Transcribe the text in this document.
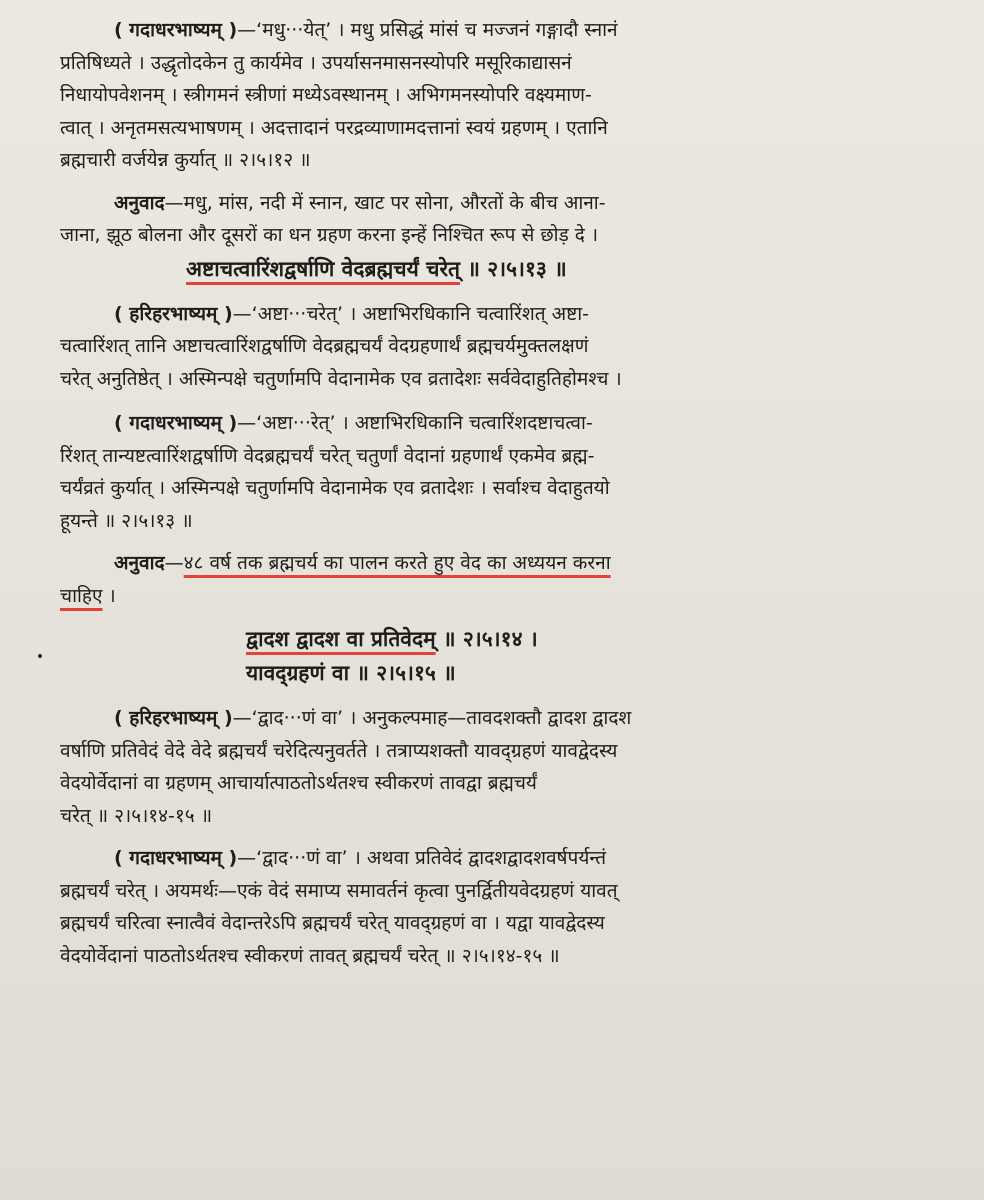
( गदाधरभाष्यम् )—‘मधु···येत्’ । मधु प्रसिद्धं मांसं च मज्जनं गङ्गादौ स्नानं
प्रतिषिध्यते । उद्धृतोदकेन तु कार्यमेव । उपर्यासनमासनस्योपरि मसूरिकाद्यासनं
निधायोपवेशनम् । स्त्रीगमनं स्त्रीणां मध्येऽवस्थानम् । अभिगमनस्योपरि वक्ष्यमाण-
त्वात् । अनृतमसत्यभाषणम् । अदत्तादानं परद्रव्याणामदत्तानां स्वयं ग्रहणम् । एतानि
ब्रह्मचारी वर्जयेन्न कुर्यात् ॥ २।५।१२ ॥
अनुवाद—मधु, मांस, नदी में स्नान, खाट पर सोना, औरतों के बीच आना-
जाना, झूठ बोलना और दूसरों का धन ग्रहण करना इन्हें निश्चित रूप से छोड़ दे ।
अष्टाचत्वारिंशद्वर्षाणि वेदब्रह्मचर्यं चरेत् ॥ २।५।१३ ॥
( हरिहरभाष्यम् )—‘अष्टा···चरेत्’ । अष्टाभिरधिकानि चत्वारिंशत् अष्टा-
चत्वारिंशत् तानि अष्टाचत्वारिंशद्वर्षाणि वेदब्रह्मचर्यं वेदग्रहणार्थं ब्रह्मचर्यमुक्तलक्षणं
चरेत् अनुतिष्ठेत् । अस्मिन्पक्षे चतुर्णामपि वेदानामेक एव व्रतादेशः सर्ववेदाहुतिहोमश्च ।
( गदाधरभाष्यम् )—‘अष्टा···रेत्’ । अष्टाभिरधिकानि चत्वारिंशदष्टाचत्वा-
रिंशत् तान्यष्टत्वारिंशद्वर्षाणि वेदब्रह्मचर्यं चरेत् चतुर्णां वेदानां ग्रहणार्थं एकमेव ब्रह्म-
चर्यंव्रतं कुर्यात् । अस्मिन्पक्षे चतुर्णामपि वेदानामेक एव व्रतादेशः । सर्वाश्च वेदाहुतयो
हूयन्ते ॥ २।५।१३ ॥
अनुवाद—४८ वर्ष तक ब्रह्मचर्य का पालन करते हुए वेद का अध्ययन करना
चाहिए ।
द्वादश द्वादश वा प्रतिवेदम् ॥ २।५।१४ ।
यावद्ग्रहणं वा ॥ २।५।१५ ॥
( हरिहरभाष्यम् )—‘द्वाद···णं वा’ । अनुकल्पमाह—तावदशक्तौ द्वादश द्वादश
वर्षाणि प्रतिवेदं वेदे वेदे ब्रह्मचर्यं चरेदित्यनुवर्तते । तत्राप्यशक्तौ यावद्ग्रहणं यावद्वेदस्य
वेदयोर्वेदानां वा ग्रहणम् आचार्यात्पाठतोऽर्थतश्च स्वीकरणं तावद्वा ब्रह्मचर्यं
चरेत् ॥ २।५।१४-१५ ॥
( गदाधरभाष्यम् )—‘द्वाद···णं वा’ । अथवा प्रतिवेदं द्वादशद्वादशवर्षपर्यन्तं
ब्रह्मचर्यं चरेत् । अयमर्थः—एकं वेदं समाप्य समावर्तनं कृत्वा पुनर्द्वितीयवेदग्रहणं यावत्
ब्रह्मचर्यं चरित्वा स्नात्वैवं वेदान्तरेऽपि ब्रह्मचर्यं चरेत् यावद्ग्रहणं वा । यद्वा यावद्वेदस्य
वेदयोर्वेदानां पाठतोऽर्थतश्च स्वीकरणं तावत् ब्रह्मचर्यं चरेत् ॥ २।५।१४-१५ ॥
